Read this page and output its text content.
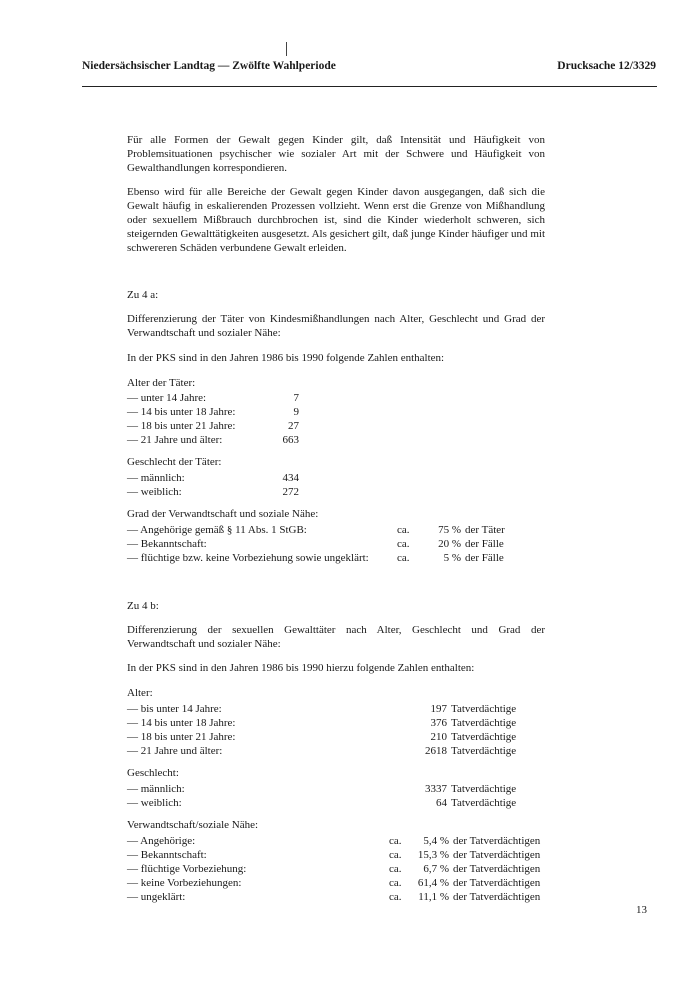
Niedersächsischer Landtag — Zwölfte Wahlperiode	Drucksache 12/3329

Für alle Formen der Gewalt gegen Kinder gilt, daß Intensität und Häufigkeit von Problemsituationen psychischer wie sozialer Art mit der Schwere und Häufigkeit von Gewalthandlungen korrespondieren.

Ebenso wird für alle Bereiche der Gewalt gegen Kinder davon ausgegangen, daß sich die Gewalt häufig in eskalierenden Prozessen vollzieht. Wenn erst die Grenze von Mißhandlung oder sexuellem Mißbrauch durchbrochen ist, sind die Kinder wiederholt schweren, sich steigernden Gewalttätigkeiten ausgesetzt. Als gesichert gilt, daß junge Kinder häufiger und mit schwereren Schäden verbundene Gewalt erleiden.

Zu 4 a:

Differenzierung der Täter von Kindesmißhandlungen nach Alter, Geschlecht und Grad der Verwandtschaft und sozialer Nähe:

In der PKS sind in den Jahren 1986 bis 1990 folgende Zahlen enthalten:

Alter der Täter:
— unter 14 Jahre:	7
— 14 bis unter 18 Jahre:	9
— 18 bis unter 21 Jahre:	27
— 21 Jahre und älter:	663
Geschlecht der Täter:
— männlich:	434
— weiblich:	272
Grad der Verwandtschaft und soziale Nähe:
— Angehörige gemäß § 11 Abs. 1 StGB:	ca.	75 % der Täter
— Bekanntschaft:	ca.	20 % der Fälle
— flüchtige bzw. keine Vorbeziehung sowie ungeklärt:	ca.	5 % der Fälle
Zu 4 b:

Differenzierung der sexuellen Gewalttäter nach Alter, Geschlecht und Grad der Verwandtschaft und sozialer Nähe:

In der PKS sind in den Jahren 1986 bis 1990 hierzu folgende Zahlen enthalten:

Alter:
— bis unter 14 Jahre:	197 Tatverdächtige
— 14 bis unter 18 Jahre:	376 Tatverdächtige
— 18 bis unter 21 Jahre:	210 Tatverdächtige
— 21 Jahre und älter:	2618 Tatverdächtige
Geschlecht:
— männlich:	3337 Tatverdächtige
— weiblich:	64 Tatverdächtige
Verwandtschaft/soziale Nähe:
— Angehörige:	ca.	5,4 % der Tatverdächtigen
— Bekanntschaft:	ca.	15,3 % der Tatverdächtigen
— flüchtige Vorbeziehung:	ca.	6,7 % der Tatverdächtigen
— keine Vorbeziehungen:	ca.	61,4 % der Tatverdächtigen
— ungeklärt:	ca.	11,1 % der Tatverdächtigen
13
